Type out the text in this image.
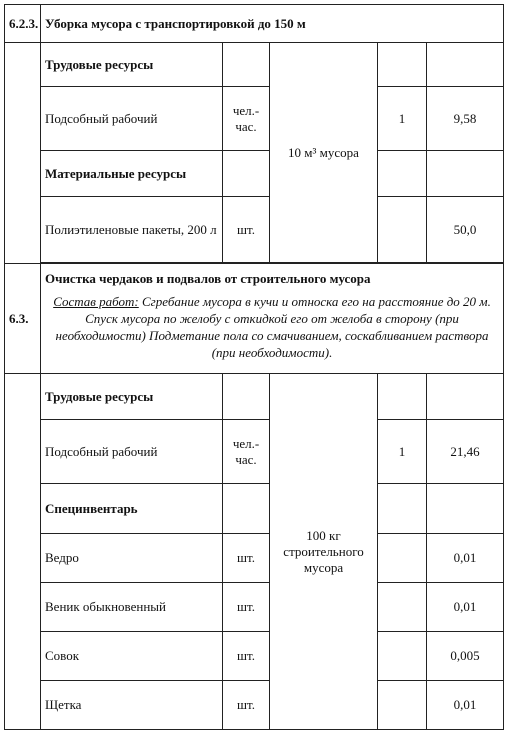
6.2.3.	Уборка мусора с транспортировкой до 150 м				
	Трудовые ресурсы		10 м³ мусора		
	Подсобный рабочий	чел.-час.		1	9,58
	Материальные ресурсы				
	Полиэтиленовые пакеты, 200 л	шт.			50,0

6.3.	Очистка чердаков и подвалов от строительного мусора
Состав работ: Сгребание мусора в кучи и относка его на расстояние до 20 м. Спуск мусора по желобу с откидкой его от желоба в сторону (при необходимости) Подметание пола со смачиванием, соскабливанием раствора (при необходимости).				

	Трудовые ресурсы		100 кг строительного мусора		
	Подсобный рабочий	чел.-час.		1	21,46
	Специнвентарь				
	Ведро	шт.			0,01
	Веник обыкновенный	шт.			0,01
	Совок	шт.			0,005
	Щетка	шт.			0,01
